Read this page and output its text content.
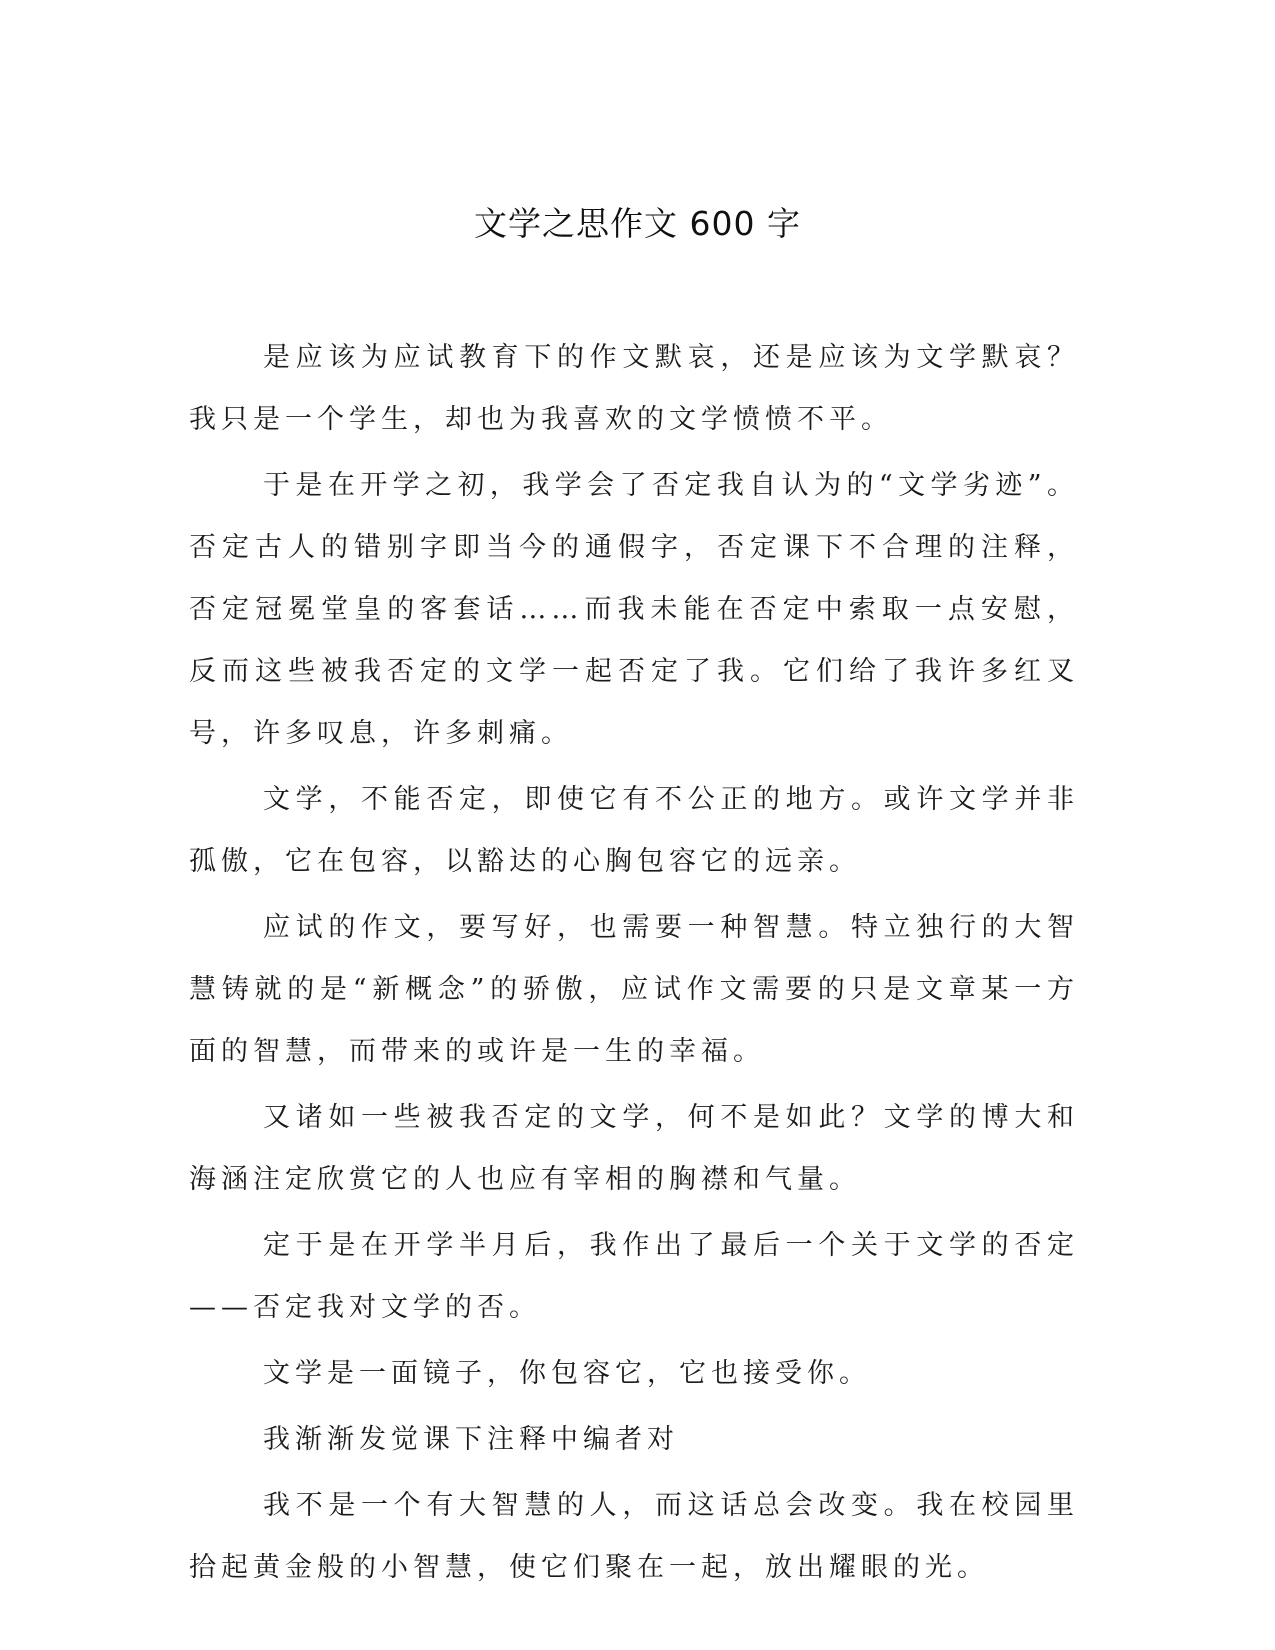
文学之思作文 600 字

是应该为应试教育下的作文默哀，还是应该为文学默哀？我只是一个学生，却也为我喜欢的文学愤愤不平。

于是在开学之初，我学会了否定我自认为的“文学劣迹”。否定古人的错别字即当今的通假字，否定课下不合理的注释，否定冠冕堂皇的客套话……而我未能在否定中索取一点安慰，反而这些被我否定的文学一起否定了我。它们给了我许多红叉号，许多叹息，许多刺痛。

文学，不能否定，即使它有不公正的地方。或许文学并非孤傲，它在包容，以豁达的心胸包容它的远亲。

应试的作文，要写好，也需要一种智慧。特立独行的大智慧铸就的是“新概念”的骄傲，应试作文需要的只是文章某一方面的智慧，而带来的或许是一生的幸福。

又诸如一些被我否定的文学，何不是如此？文学的博大和海涵注定欣赏它的人也应有宰相的胸襟和气量。

定于是在开学半月后，我作出了最后一个关于文学的否定——否定我对文学的否。

文学是一面镜子，你包容它，它也接受你。

我渐渐发觉课下注释中编者对

我不是一个有大智慧的人，而这话总会改变。我在校园里拾起黄金般的小智慧，使它们聚在一起，放出耀眼的光。
